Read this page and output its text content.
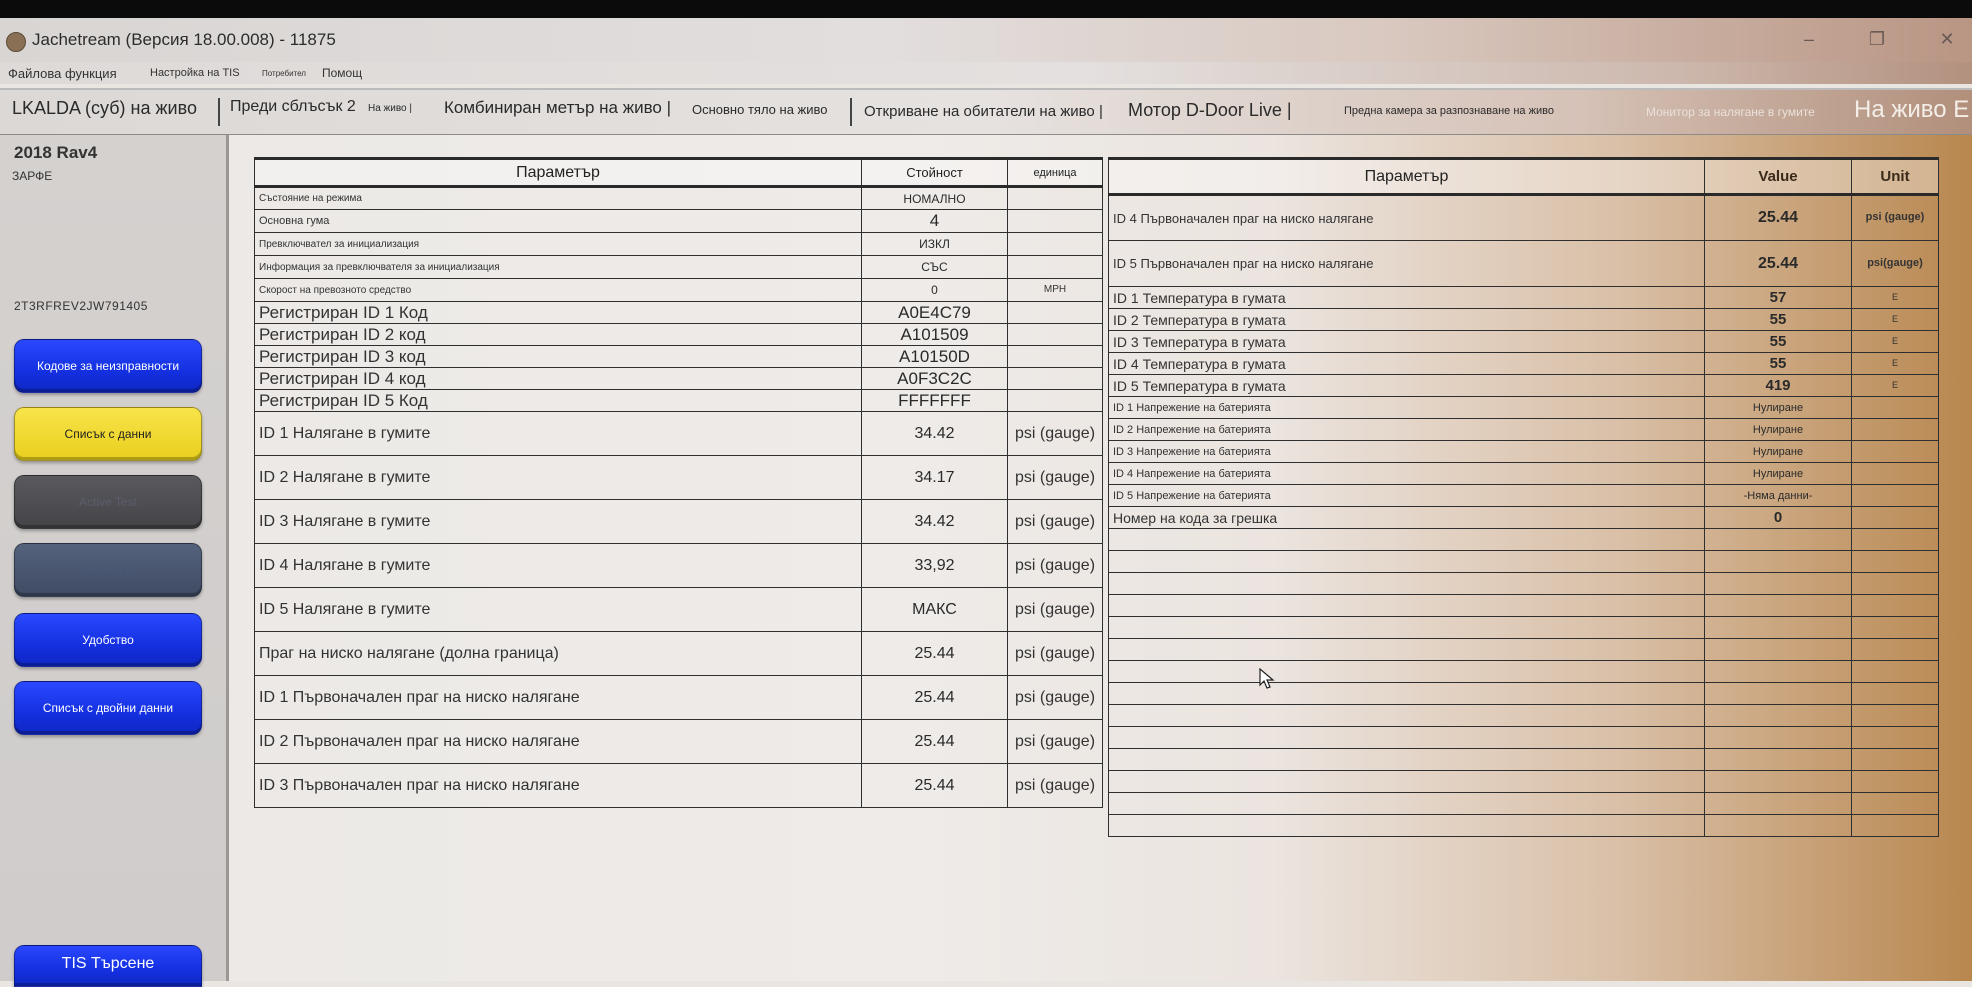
Jachetream (Версия 18.00.008) - 11875	–	❐	✕
Файлова функция	Настройка на TIS	Потребител Помощ
LKALDA (суб) на живо Преди сблъсък 2 На живо | Комбиниран метър на живо | Основно тяло на живо Откриване на обитатели на живо | Мотор D-Door Live |	Предна камера за разпознаване на живо	Монитор за налягане в гумите На живо Е
2018 Rav4
ЗАРФЕ
2T3RFREV2JW791405
Кодове за неизправности
Списък с данни
Active Test
Монитор
Удобство
Списък с двойни данни
TIS Търсене
Параметър	Стойност	единица
Състояние на режима	НОМАЛНО	
Основна гума	4	
Превключвател за инициализация	ИЗКЛ	
Информация за превключвателя за инициализация	СЪС	
Скорост на превозното средство	0	MPH
Регистриран ID 1 Код	A0E4C79	
Регистриран ID 2 код	A101509	
Регистриран ID 3 код	A10150D	
Регистриран ID 4 код	A0F3C2C	
Регистриран ID 5 Код	FFFFFFF	
ID 1 Налягане в гумите	34.42	psi (gauge)
ID 2 Налягане в гумите	34.17	psi (gauge)
ID 3 Налягане в гумите	34.42	psi (gauge)
ID 4 Налягане в гумите	33,92	psi (gauge)
ID 5 Налягане в гумите	МАКС	psi (gauge)
Праг на ниско налягане (долна граница)	25.44	psi (gauge)
ID 1 Първоначален праг на ниско налягане	25.44	psi (gauge)
ID 2 Първоначален праг на ниско налягане	25.44	psi (gauge)
ID 3 Първоначален праг на ниско налягане	25.44	psi (gauge)
Параметър	Value	Unit
ID 4 Първоначален праг на ниско налягане	25.44	psi (gauge)
ID 5 Първоначален праг на ниско налягане	25.44	psi(gauge)
ID 1 Температура в гумата	57	E
ID 2 Температура в гумата	55	E
ID 3 Температура в гумата	55	E
ID 4 Температура в гумата	55	E
ID 5 Температура в гумата	419	E
ID 1 Напрежение на батерията	Нулиране	
ID 2 Напрежение на батерията	Нулиране	
ID 3 Напрежение на батерията	Нулиране	
ID 4 Напрежение на батерията	Нулиране	
ID 5 Напрежение на батерията	-Няма данни-	
Номер на кода за грешка	0	
